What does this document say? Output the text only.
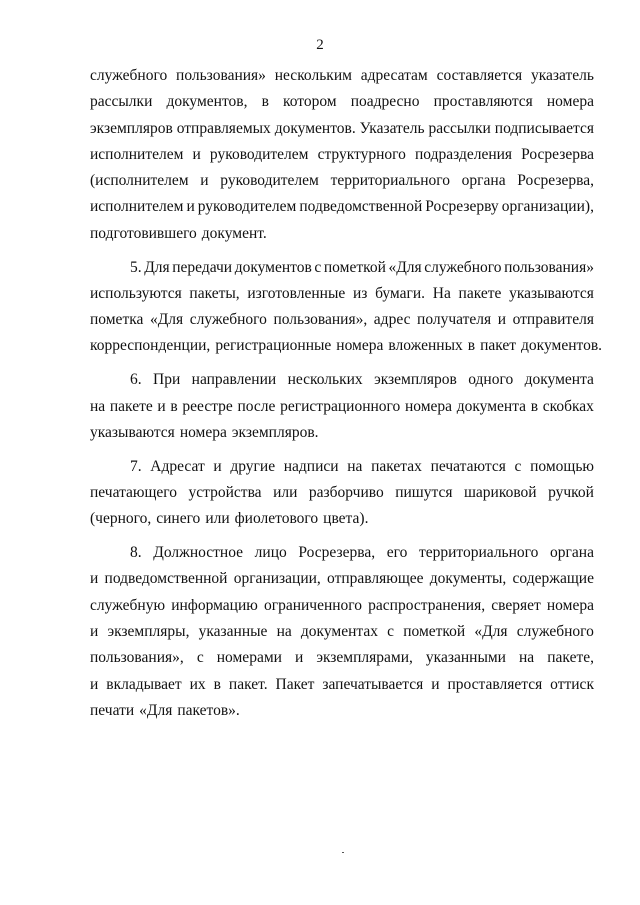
2
служебного пользования» нескольким адресатам составляется указатель
рассылки документов, в котором поадресно проставляются номера
экземпляров отправляемых документов. Указатель рассылки подписывается
исполнителем и руководителем структурного подразделения Росрезерва
(исполнителем и руководителем территориального органа Росрезерва,
исполнителем и руководителем подведомственной Росрезерву организации),
подготовившего документ.
5. Для передачи документов с пометкой «Для служебного пользования»
используются пакеты, изготовленные из бумаги. На пакете указываются
пометка «Для служебного пользования», адрес получателя и отправителя
корреспонденции, регистрационные номера вложенных в пакет документов.
6. При направлении нескольких экземпляров одного документа
на пакете и в реестре после регистрационного номера документа в скобках
указываются номера экземпляров.
7. Адресат и другие надписи на пакетах печатаются с помощью
печатающего устройства или разборчиво пишутся шариковой ручкой
(черного, синего или фиолетового цвета).
8. Должностное лицо Росрезерва, его территориального органа
и подведомственной организации, отправляющее документы, содержащие
служебную информацию ограниченного распространения, сверяет номера
и экземпляры, указанные на документах с пометкой «Для служебного
пользования», с номерами и экземплярами, указанными на пакете,
и вкладывает их в пакет. Пакет запечатывается и проставляется оттиск
печати «Для пакетов».
